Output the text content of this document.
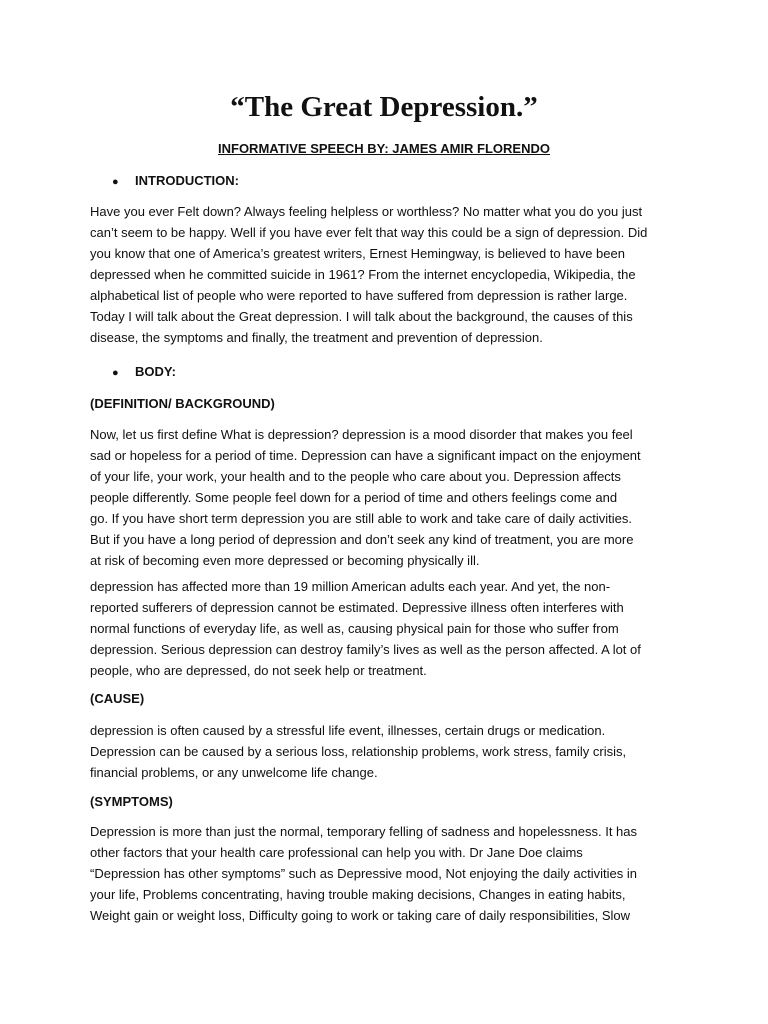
“The Great Depression.”

INFORMATIVE SPEECH BY: JAMES AMIR FLORENDO

● INTRODUCTION:

Have you ever Felt down? Always feeling helpless or worthless? No matter what you do you just
can’t seem to be happy. Well if you have ever felt that way this could be a sign of depression. Did
you know that one of America’s greatest writers, Ernest Hemingway, is believed to have been
depressed when he committed suicide in 1961? From the internet encyclopedia, Wikipedia, the
alphabetical list of people who were reported to have suffered from depression is rather large.
Today I will talk about the Great depression. I will talk about the background, the causes of this
disease, the symptoms and finally, the treatment and prevention of depression.

● BODY:

(DEFINITION/ BACKGROUND)

Now, let us first define What is depression? depression is a mood disorder that makes you feel
sad or hopeless for a period of time. Depression can have a significant impact on the enjoyment
of your life, your work, your health and to the people who care about you. Depression affects
people differently. Some people feel down for a period of time and others feelings come and
go. If you have short term depression you are still able to work and take care of daily activities.
But if you have a long period of depression and don’t seek any kind of treatment, you are more
at risk of becoming even more depressed or becoming physically ill.
depression has affected more than 19 million American adults each year. And yet, the non-
reported sufferers of depression cannot be estimated. Depressive illness often interferes with
normal functions of everyday life, as well as, causing physical pain for those who suffer from
depression. Serious depression can destroy family’s lives as well as the person affected. A lot of
people, who are depressed, do not seek help or treatment.

(CAUSE)

depression is often caused by a stressful life event, illnesses, certain drugs or medication.
Depression can be caused by a serious loss, relationship problems, work stress, family crisis,
financial problems, or any unwelcome life change.

(SYMPTOMS)

Depression is more than just the normal, temporary felling of sadness and hopelessness. It has
other factors that your health care professional can help you with. Dr Jane Doe claims
“Depression has other symptoms” such as Depressive mood, Not enjoying the daily activities in
your life, Problems concentrating, having trouble making decisions, Changes in eating habits,
Weight gain or weight loss, Difficulty going to work or taking care of daily responsibilities, Slow
